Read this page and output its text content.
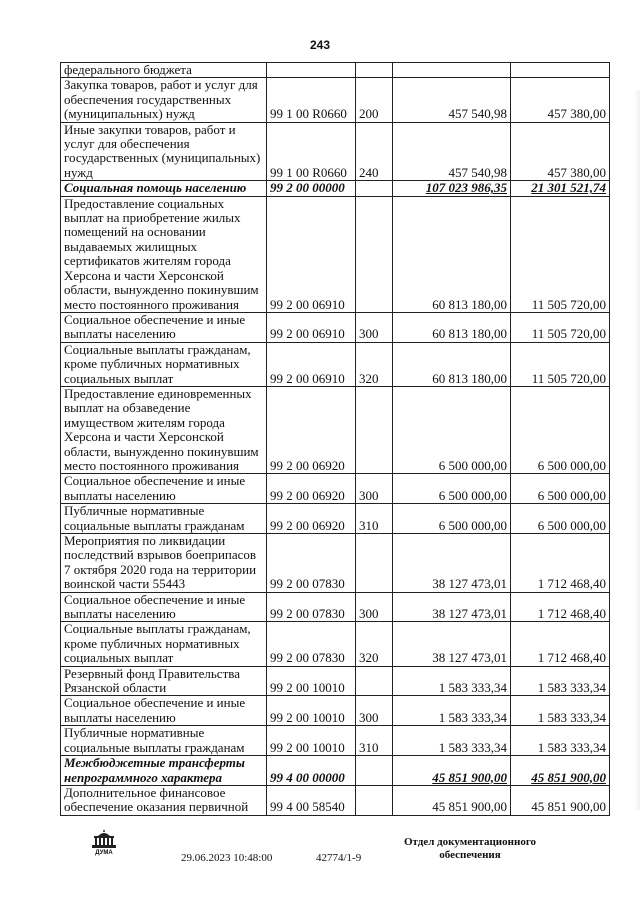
243
федерального бюджета				
Закупка товаров, работ и услуг для обеспечения государственных (муниципальных) нужд	99 1 00 R0660	200	457 540,98	457 380,00
Иные закупки товаров, работ и услуг для обеспечения государственных (муниципальных) нужд	99 1 00 R0660	240	457 540,98	457 380,00
Социальная помощь населению	99 2 00 00000		107 023 986,35	21 301 521,74
Предоставление социальных выплат на приобретение жилых помещений на основании выдаваемых жилищных сертификатов жителям города Херсона и части Херсонской области, вынужденно покинувшим место постоянного проживания	99 2 00 06910		60 813 180,00	11 505 720,00
Социальное обеспечение и иные выплаты населению	99 2 00 06910	300	60 813 180,00	11 505 720,00
Социальные выплаты гражданам, кроме публичных нормативных социальных выплат	99 2 00 06910	320	60 813 180,00	11 505 720,00
Предоставление единовременных выплат на обзаведение имуществом жителям города Херсона и части Херсонской области, вынужденно покинувшим место постоянного проживания	99 2 00 06920		6 500 000,00	6 500 000,00
Социальное обеспечение и иные выплаты населению	99 2 00 06920	300	6 500 000,00	6 500 000,00
Публичные нормативные социальные выплаты гражданам	99 2 00 06920	310	6 500 000,00	6 500 000,00
Мероприятия по ликвидации последствий взрывов боеприпасов 7 октября 2020 года на территории воинской части 55443	99 2 00 07830		38 127 473,01	1 712 468,40
Социальное обеспечение и иные выплаты населению	99 2 00 07830	300	38 127 473,01	1 712 468,40
Социальные выплаты гражданам, кроме публичных нормативных социальных выплат	99 2 00 07830	320	38 127 473,01	1 712 468,40
Резервный фонд Правительства Рязанской области	99 2 00 10010		1 583 333,34	1 583 333,34
Социальное обеспечение и иные выплаты населению	99 2 00 10010	300	1 583 333,34	1 583 333,34
Публичные нормативные социальные выплаты гражданам	99 2 00 10010	310	1 583 333,34	1 583 333,34
Межбюджетные трансферты непрограммного характера	99 4 00 00000		45 851 900,00	45 851 900,00
Дополнительное финансовое обеспечение оказания первичной	99 4 00 58540		45 851 900,00	45 851 900,00
ДУМА	29.06.2023 10:48:00	42774/1-9
Отдел документационного обеспечения
